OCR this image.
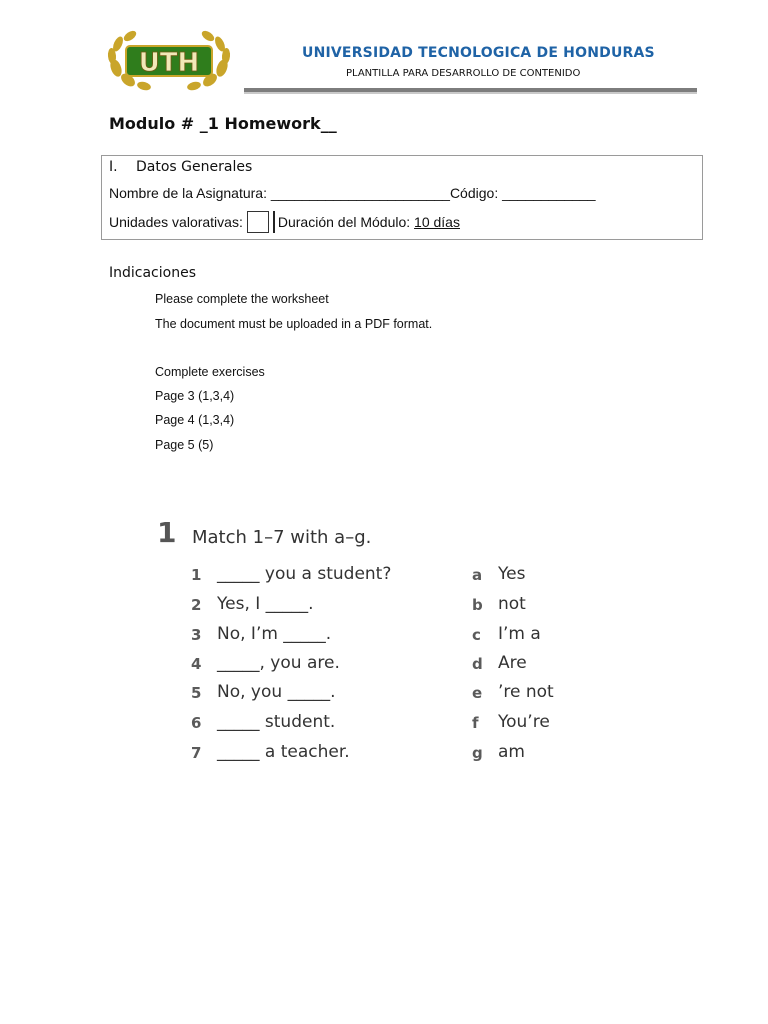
UTH	UNIVERSIDAD TECNOLOGICA DE HONDURAS
PLANTILLA PARA DESARROLLO DE CONTENIDO
Modulo # _1 Homework__
I. Datos Generales
Nombre de la Asignatura: _______________________Código: ____________
Unidades valorativas:	Duración del Módulo:
10 días
Indicaciones
Please complete the worksheet
The document must be uploaded in a PDF format.
Complete exercises
Page 3 (1,3,4)
Page 4 (1,3,4)
Page 5 (5)
1 Match 1–7 with a–g.
1 _____ you a student?	a Yes
2 Yes, I _____.	b not
3 No, I’m _____.	c I’m a
4 _____, you are.	d Are
5 No, you _____.	e ’re not
6 _____ student.	f You’re
7 _____ a teacher.	g am
